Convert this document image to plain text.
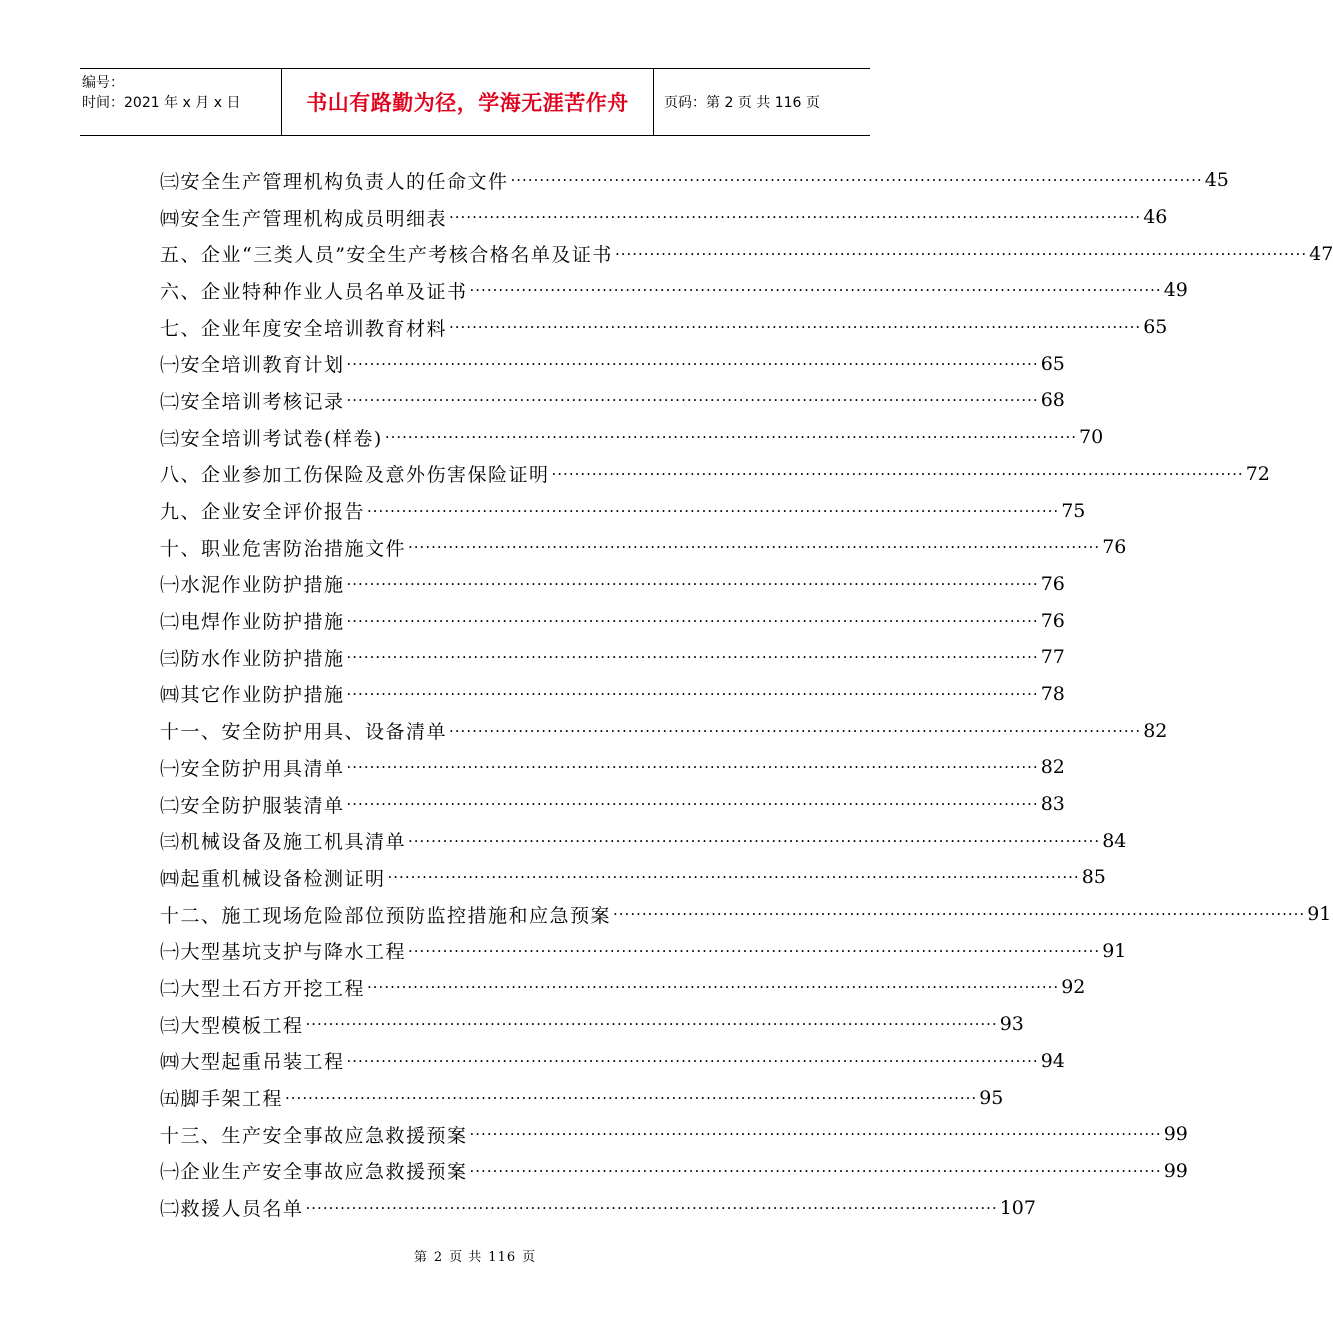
编号：
时间：2021 年 x 月 x 日	书山有路勤为径，学海无涯苦作舟	页码：第 2 页 共 116 页
㈢安全生产管理机构负责人的任命文件 ························································································································ 45
㈣安全生产管理机构成员明细表 ························································································································ 46
五、企业“三类人员”安全生产考核合格名单及证书 ························································································································ 47
六、企业特种作业人员名单及证书 ························································································································ 49
七、企业年度安全培训教育材料 ························································································································ 65
㈠安全培训教育计划 ························································································································ 65
㈡安全培训考核记录 ························································································································ 68
㈢安全培训考试卷(样卷) ························································································································ 70
八、企业参加工伤保险及意外伤害保险证明 ························································································································ 72
九、企业安全评价报告 ························································································································ 75
十、职业危害防治措施文件 ························································································································ 76
㈠水泥作业防护措施 ························································································································ 76
㈡电焊作业防护措施 ························································································································ 76
㈢防水作业防护措施 ························································································································ 77
㈣其它作业防护措施 ························································································································ 78
十一、安全防护用具、设备清单 ························································································································ 82
㈠安全防护用具清单 ························································································································ 82
㈡安全防护服装清单 ························································································································ 83
㈢机械设备及施工机具清单 ························································································································ 84
㈣起重机械设备检测证明 ························································································································ 85
十二、施工现场危险部位预防监控措施和应急预案 ························································································································ 91
㈠大型基坑支护与降水工程 ························································································································ 91
㈡大型土石方开挖工程 ························································································································ 92
㈢大型模板工程 ························································································································ 93
㈣大型起重吊装工程 ························································································································ 94
㈤脚手架工程 ························································································································ 95
十三、生产安全事故应急救援预案 ························································································································ 99
㈠企业生产安全事故应急救援预案 ························································································································ 99
㈡救援人员名单 ························································································································ 107
第 2 页 共 116 页
